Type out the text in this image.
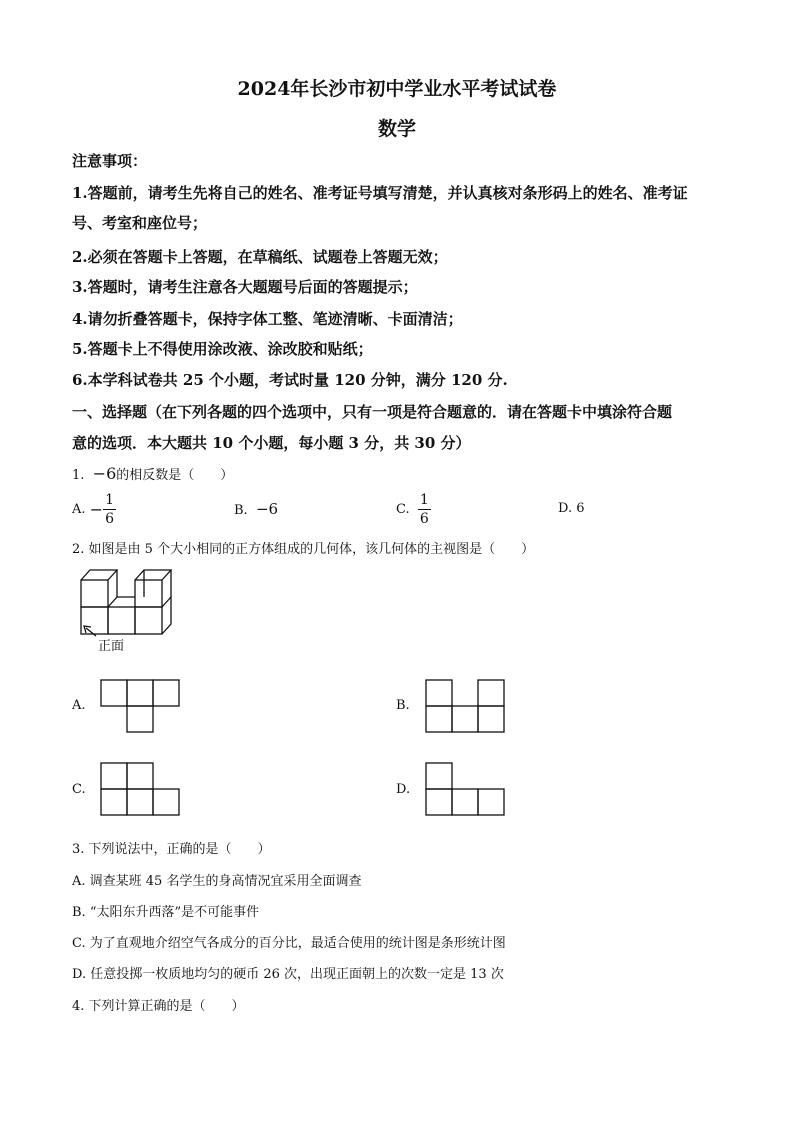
2024年长沙市初中学业水平考试试卷
数学
注意事项：
1.答题前，请考生先将自己的姓名、准考证号填写清楚，并认真核对条形码上的姓名、准考证
号、考室和座位号；
2.必须在答题卡上答题，在草稿纸、试题卷上答题无效；
3.答题时，请考生注意各大题题号后面的答题提示；
4.请勿折叠答题卡，保持字体工整、笔迹清晰、卡面清洁；
5.答题卡上不得使用涂改液、涂改胶和贴纸；
6.本学科试卷共 25 个小题，考试时量 120 分钟，满分 120 分.
一、选择题（在下列各题的四个选项中，只有一项是符合题意的．请在答题卡中填涂符合题
意的选项．本大题共 10 个小题，每小题 3 分，共 30 分）
1. −6的相反数是（　　）
A. − $\frac{1}{6}$	B. −6	C. $\frac{1}{6}$	D. 6
2. 如图是由 5 个大小相同的正方体组成的几何体，该几何体的主视图是（　　）
正面
A.	B.
C.	D.
3. 下列说法中，正确的是（　　）
A. 调查某班 45 名学生的身高情况宜采用全面调查
B. “太阳东升西落”是不可能事件
C. 为了直观地介绍空气各成分的百分比，最适合使用的统计图是条形统计图
D. 任意投掷一枚质地均匀的硬币 26 次，出现正面朝上的次数一定是 13 次
4. 下列计算正确的是（　　）
